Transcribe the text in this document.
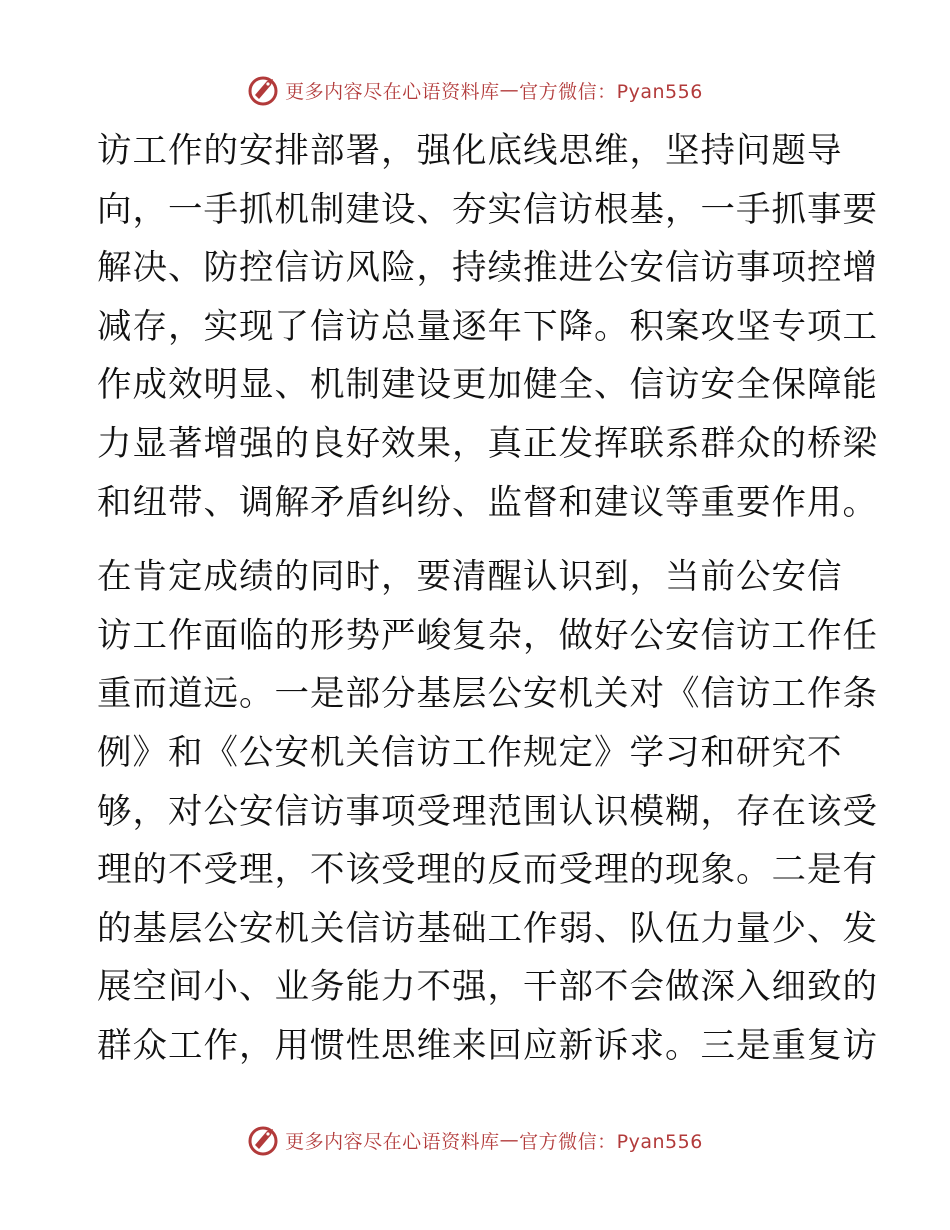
更多内容尽在心语资料库 — 官方微信：Pyan556

访工作的安排部署，强化底线思维，坚持问题导
向，一手抓机制建设、夯实信访根基，一手抓事要
解决、防控信访风险，持续推进公安信访事项控增
减存，实现了信访总量逐年下降。积案攻坚专项工
作成效明显、机制建设更加健全、信访安全保障能
力显著增强的良好效果，真正发挥联系群众的桥梁
和纽带、调解矛盾纠纷、监督和建议等重要作用。

在肯定成绩的同时，要清醒认识到，当前公安信
访工作面临的形势严峻复杂，做好公安信访工作任
重而道远。一是部分基层公安机关对《信访工作条
例》和《公安机关信访工作规定》学习和研究不
够，对公安信访事项受理范围认识模糊，存在该受
理的不受理，不该受理的反而受理的现象。二是有
的基层公安机关信访基础工作弱、队伍力量少、发
展空间小、业务能力不强，干部不会做深入细致的
群众工作，用惯性思维来回应新诉求。三是重复访

更多内容尽在心语资料库 — 官方微信：Pyan556
